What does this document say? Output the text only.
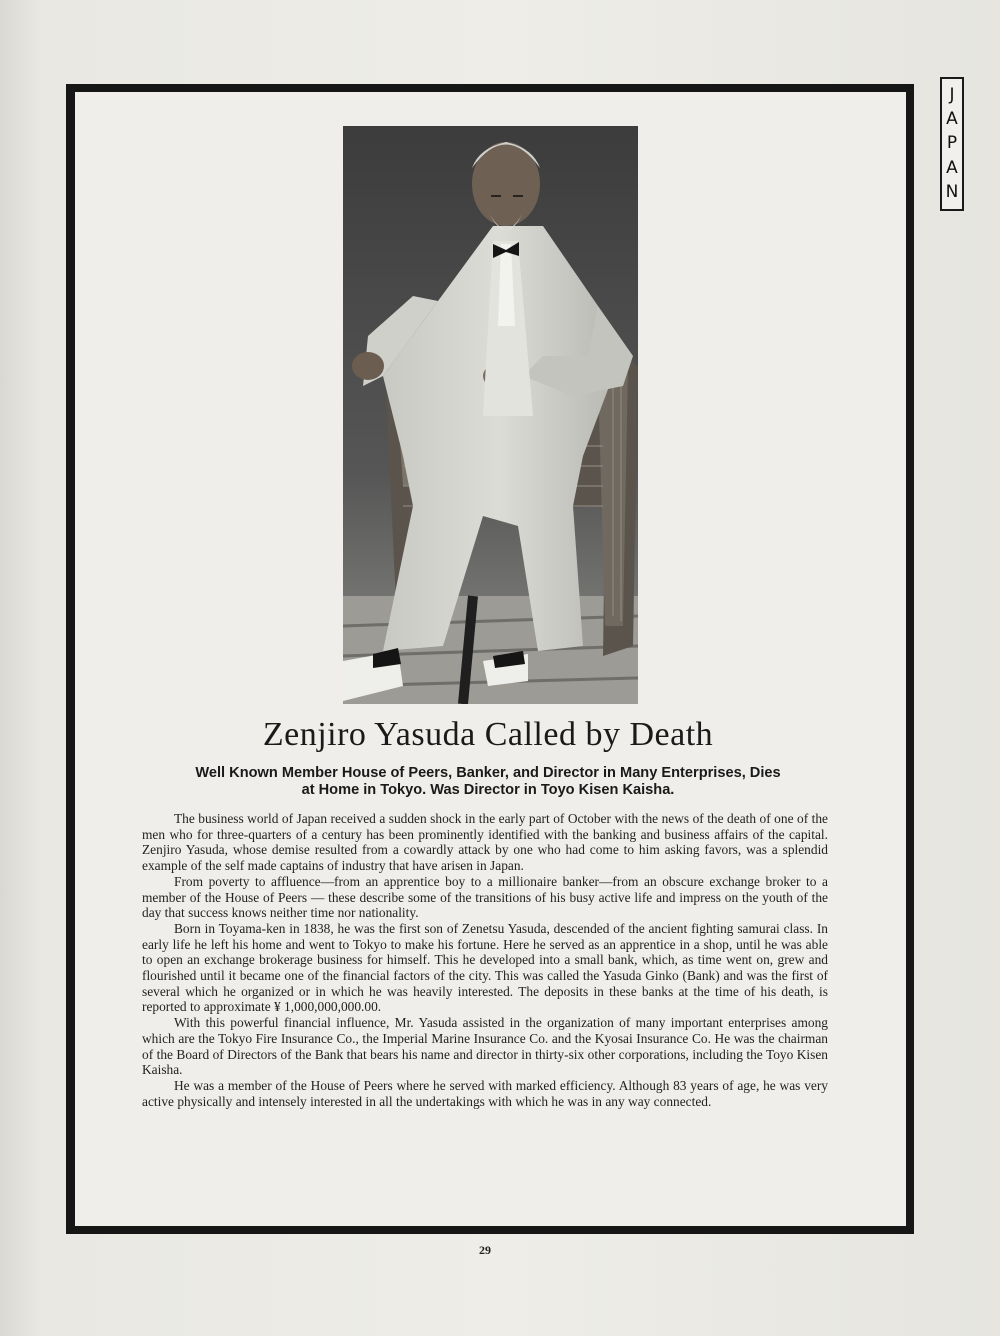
J
A
P
A
N
Zenjiro Yasuda Called by Death
Well Known Member House of Peers, Banker, and Director in Many Enterprises, Dies
at Home in Tokyo. Was Director in Toyo Kisen Kaisha.

The business world of Japan received a sudden shock in the early part of October with the news of the death of one of the men who for three-quarters of a century has been prominently identified with the banking and business affairs of the capital. Zenjiro Yasuda, whose demise resulted from a cowardly attack by one who had come to him asking favors, was a splendid example of the self made captains of industry that have arisen in Japan.

From poverty to affluence—from an apprentice boy to a millionaire banker—from an obscure exchange broker to a member of the House of Peers — these describe some of the transitions of his busy active life and impress on the youth of the day that success knows neither time nor nationality.

Born in Toyama-ken in 1838, he was the first son of Zenetsu Yasuda, descended of the ancient fighting samurai class. In early life he left his home and went to Tokyo to make his fortune. Here he served as an apprentice in a shop, until he was able to open an exchange brokerage business for himself. This he developed into a small bank, which, as time went on, grew and flourished until it became one of the financial factors of the city. This was called the Yasuda Ginko (Bank) and was the first of several which he organized or in which he was heavily interested. The deposits in these banks at the time of his death, is reported to approximate ¥ 1,000,000,000.00.

With this powerful financial influence, Mr. Yasuda assisted in the organization of many important enterprises among which are the Tokyo Fire Insurance Co., the Imperial Marine Insurance Co. and the Kyosai Insurance Co. He was the chairman of the Board of Directors of the Bank that bears his name and director in thirty-six other corporations, including the Toyo Kisen Kaisha.

He was a member of the House of Peers where he served with marked efficiency. Although 83 years of age, he was very active physically and intensely interested in all the undertakings with which he was in any way connected.

29
